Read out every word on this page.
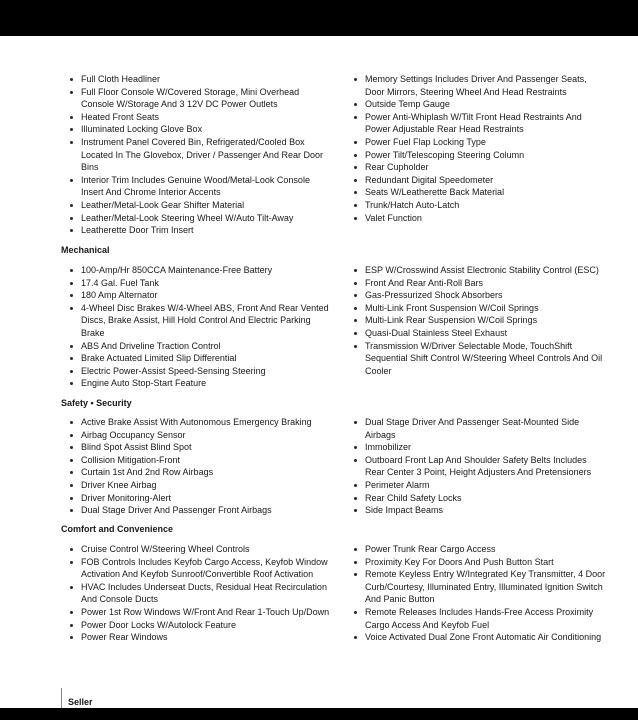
Full Cloth Headliner
Full Floor Console W/Covered Storage, Mini Overhead Console W/Storage And 3 12V DC Power Outlets
Heated Front Seats
Illuminated Locking Glove Box
Instrument Panel Covered Bin, Refrigerated/Cooled Box Located In The Glovebox, Driver / Passenger And Rear Door Bins
Interior Trim Includes Genuine Wood/Metal-Look Console Insert And Chrome Interior Accents
Leather/Metal-Look Gear Shifter Material
Leather/Metal-Look Steering Wheel W/Auto Tilt-Away
Leatherette Door Trim Insert
Memory Settings Includes Driver And Passenger Seats, Door Mirrors, Steering Wheel And Head Restraints
Outside Temp Gauge
Power Anti-Whiplash W/Tilt Front Head Restraints And Power Adjustable Rear Head Restraints
Power Fuel Flap Locking Type
Power Tilt/Telescoping Steering Column
Rear Cupholder
Redundant Digital Speedometer
Seats W/Leatherette Back Material
Trunk/Hatch Auto-Latch
Valet Function
Mechanical
100-Amp/Hr 850CCA Maintenance-Free Battery
17.4 Gal. Fuel Tank
180 Amp Alternator
4-Wheel Disc Brakes W/4-Wheel ABS, Front And Rear Vented Discs, Brake Assist, Hill Hold Control And Electric Parking Brake
ABS And Driveline Traction Control
Brake Actuated Limited Slip Differential
Electric Power-Assist Speed-Sensing Steering
Engine Auto Stop-Start Feature
ESP W/Crosswind Assist Electronic Stability Control (ESC)
Front And Rear Anti-Roll Bars
Gas-Pressurized Shock Absorbers
Multi-Link Front Suspension W/Coil Springs
Multi-Link Rear Suspension W/Coil Springs
Quasi-Dual Stainless Steel Exhaust
Transmission W/Driver Selectable Mode, TouchShift Sequential Shift Control W/Steering Wheel Controls And Oil Cooler
Safety • Security
Active Brake Assist With Autonomous Emergency Braking
Airbag Occupancy Sensor
Blind Spot Assist Blind Spot
Collision Mitigation-Front
Curtain 1st And 2nd Row Airbags
Driver Knee Airbag
Driver Monitoring-Alert
Dual Stage Driver And Passenger Front Airbags
Dual Stage Driver And Passenger Seat-Mounted Side Airbags
Immobilizer
Outboard Front Lap And Shoulder Safety Belts Includes Rear Center 3 Point, Height Adjusters And Pretensioners
Perimeter Alarm
Rear Child Safety Locks
Side Impact Beams
Comfort and Convenience
Cruise Control W/Steering Wheel Controls
FOB Controls Includes Keyfob Cargo Access, Keyfob Window Activation And Keyfob Sunroof/Convertible Roof Activation
HVAC Includes Underseat Ducts, Residual Heat Recirculation And Console Ducts
Power 1st Row Windows W/Front And Rear 1-Touch Up/Down
Power Door Locks W/Autolock Feature
Power Rear Windows
Power Trunk Rear Cargo Access
Proximity Key For Doors And Push Button Start
Remote Keyless Entry W/Integrated Key Transmitter, 4 Door Curb/Courtesy, Illuminated Entry, Illuminated Ignition Switch And Panic Button
Remote Releases Includes Hands-Free Access Proximity Cargo Access And Keyfob Fuel
Voice Activated Dual Zone Front Automatic Air Conditioning
Seller
